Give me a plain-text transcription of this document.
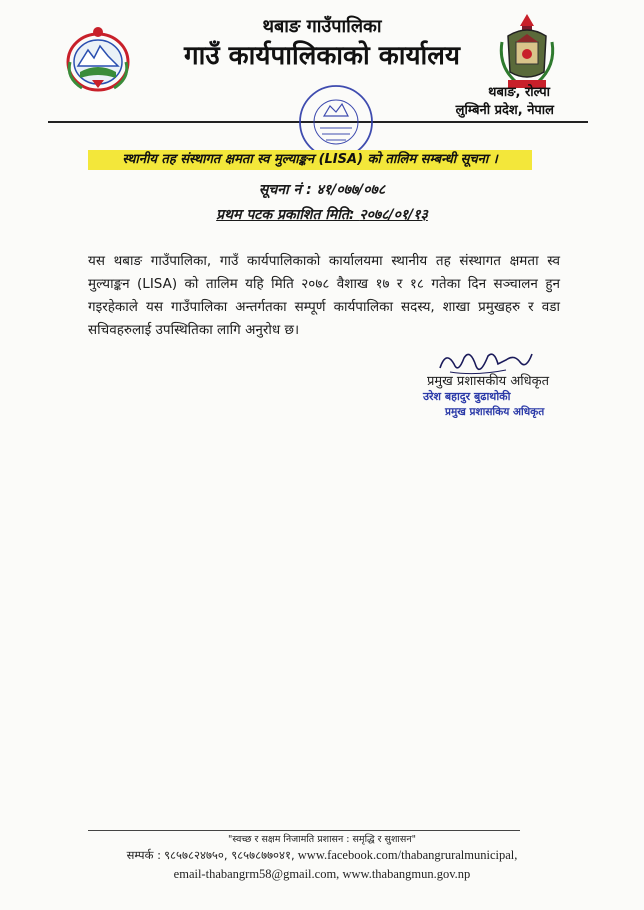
थबाङ गाउँपालिका
गाउँ कार्यपालिकाको कार्यालय
थबाङ, रोल्पा
लुम्बिनी प्रदेश, नेपाल
स्थानीय तह संस्थागत क्षमता स्व मुल्याङ्कन (LISA) को तालिम सम्बन्धी सूचना ।
सूचना नं : ४१/०७७/०७८
प्रथम पटक प्रकाशित मिति: २०७८/०१/१३
यस थबाङ गाउँपालिका, गाउँ कार्यपालिकाको कार्यालयमा स्थानीय तह संस्थागत क्षमता स्व मुल्याङ्कन (LISA) को तालिम यहि मिति २०७८ वैशाख १७ र १८ गतेका दिन सञ्चालन हुन गइरहेकाले यस गाउँपालिका अन्तर्गतका सम्पूर्ण कार्यपालिका सदस्य, शाखा प्रमुखहरु र वडा सचिवहरुलाई उपस्थितिका लागि अनुरोध छ।
प्रमुख प्रशासकीय अधिकृत
उरेश बहादुर बुढाथोकी
प्रमुख प्रशासकिय अधिकृत
"स्वच्छ र सक्षम निजामति प्रशासन : समृद्धि र सुशासन"
सम्पर्क : ९८५७८२४७५०, ९८५७८७७०४१, www.facebook.com/thabangruralmunicipal,
email-thabangrm58@gmail.com, www.thabangmun.gov.np
